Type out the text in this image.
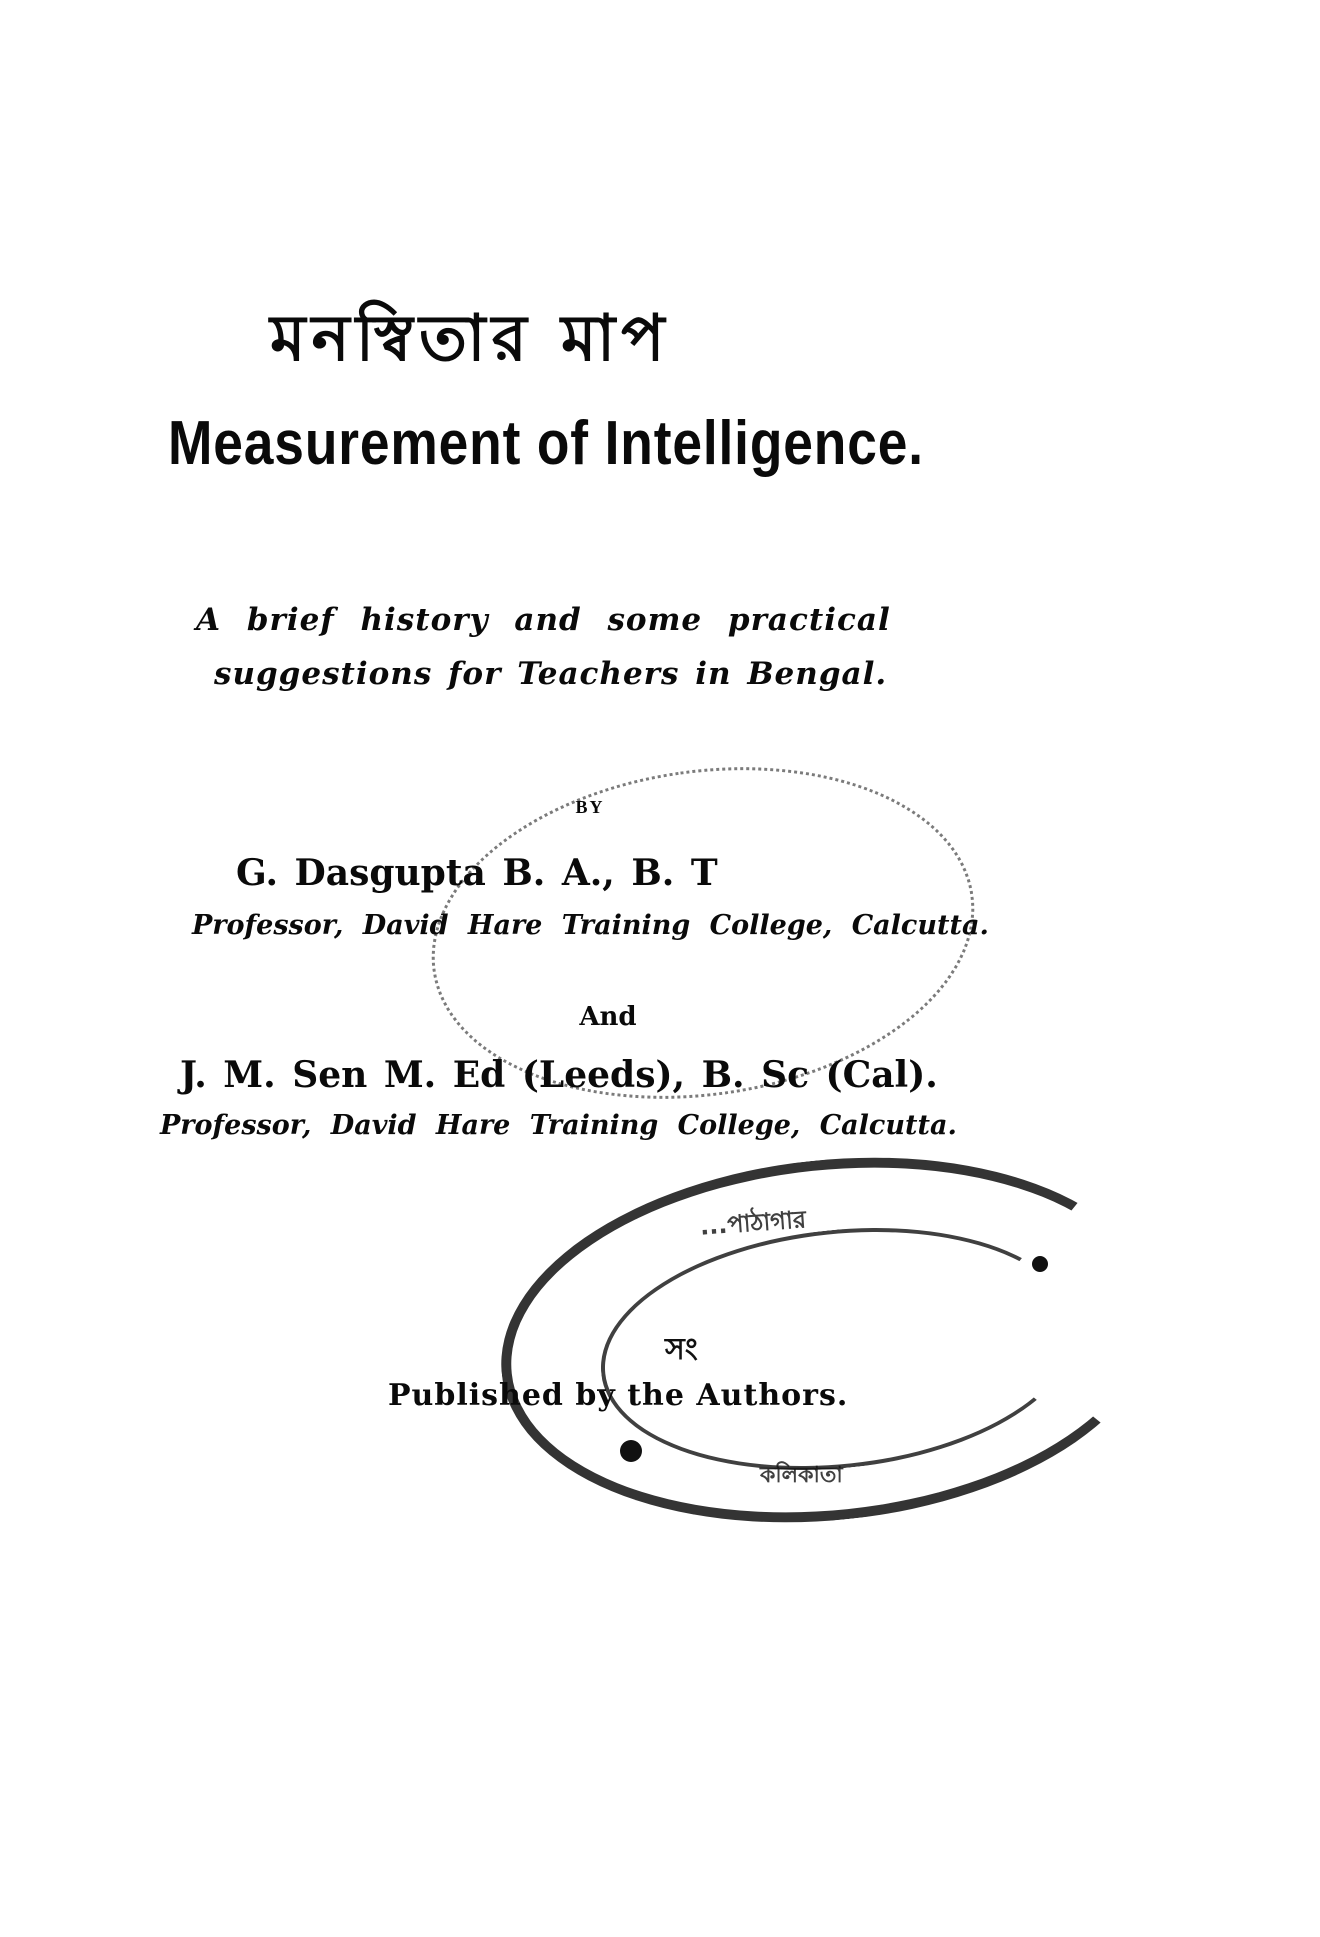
...পাঠাগার
সং
কলিকাতা
মনস্বিতার মাপ
Measurement of Intelligence.
A brief history and some practical
suggestions for Teachers in Bengal.
BY
G. Dasgupta B. A., B. T
Professor, David Hare Training College, Calcutta.
And
J. M. Sen M. Ed (Leeds), B. Sc (Cal).
Professor, David Hare Training College, Calcutta.
Published by the Authors.
